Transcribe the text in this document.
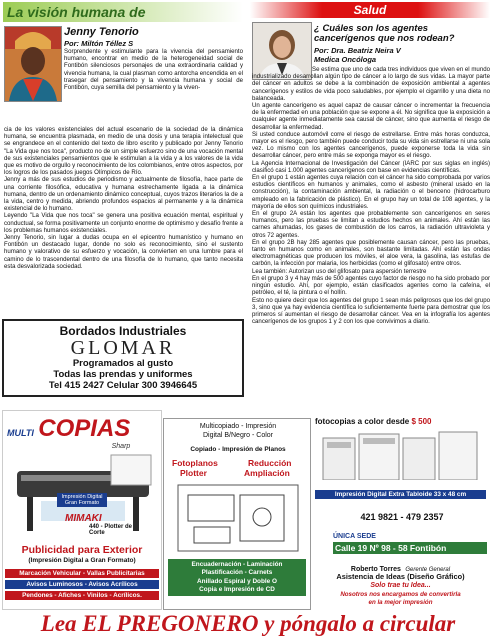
La visión humana de
Jenny Tenorio
Por: Miltón Téllez S

Sorprendente y estimulante para la vivencia del pensamiento humano, encontrar en medio de la heterogeneidad social de Fontibón silenciosos personajes de una extraordinaria calidad y vivencia humana, la cual plasman como antorcha encendida en el trasegar del pensamiento y la vivencia humana y social de Fontibón, cuya semilla del pensamiento y la viven-

cia de los valores existenciales del actual escenario de la sociedad de la dinámica humana, se encuentra plasmada, en medio de una dosis y una terapia intelectual que se engrandece en el contenido del texto de libro escrito y publicado por Jenny Tenorio "La Vida que nos toca", producto no de un simple esfuerzo sino de una vocación mental de sus existenciales pensamientos que le estimulan a la vida y a los valores de la vida que es motivo de orgullo y reconocimiento de los colombianos, entre otros aspectos, por los logros de los pasados juegos Olímpicos de Río.
Jenny a más de sus estudios de periodismo y actualmente de filosofía, hace parte de una corriente filosófica, educativa y humana estrechamente ligada a la dinámica humana, dentro de un ordenamiento dinámico conceptual, cuyos trazos literarios la de a la vida, centro y medida, abriendo profundos espacios al permanente y a la dinámica existencial de lo humano.
Leyendo "La Vida que nos toca" se genera una positiva ecuación mental, espiritual y conductual, se forma positivamente un conjunto enorme de optimismo y desafío frente a los problemas humanos existenciales.
Jenny Tenorio, sin lugar a dudas ocupa en el epicentro humanístico y humano en Fontibón un destacado lugar, donde no solo es reconocimiento, sino el sustento humano y valorativo de su esfuerzo y vocación, la convierten en una lumbre para el camino de lo trascendental dentro de una filosofía de lo humano, que tanto necesita esta desvalorizada sociedad.

Bordados Industriales
GLOMAR
Programados al gusto
Todas las prendas y uniformes
Tel 415 2427 Celular 300 3946645
Salud
¿ Cuáles son los agentes cancerígenos que nos rodean?
Por: Dra. Beatriz Neira V
Medica Oncóloga

Se estima que uno de cada tres individuos que viven en el mundo industrializado desarrollan algún tipo de cáncer a lo largo de sus vidas. La mayor parte del cáncer en adultos se debe a la combinación de exposición ambiental a agentes cancerígenos y estilos de vida poco saludables, por ejemplo el cigarrillo y una dieta no balanceada.
Un agente cancerígeno es aquel capaz de causar cáncer o incrementar la frecuencia de la enfermedad en una población que se expone a él. No significa que la exposición a cualquier agente inmediatamente sea causal de cáncer, sino que aumenta el riesgo de desarrollar la enfermedad.
Si usted conduce automóvil corre el riesgo de estrellarse. Entre más horas conduzca, mayor es el riesgo, pero también puede conducir toda su vida sin estrellarse ni una sola vez. Lo mismo con los agentes cancerígenos, puede exponerse toda la vida sin desarrollar cáncer, pero entre más se exponga mayor es el riesgo.
La Agencia Internacional de Investigación del Cáncer (IARC por sus siglas en inglés) clasificó casi 1.000 agentes cancerígenos con base en evidencias científicas.
En el grupo 1 están agentes cuya relación con el cáncer ha sido comprobada por varios estudios científicos en humanos y animales, como el asbesto (mineral usado en la construcción), la contaminación ambiental, la radiación o el benceno (hidrocarburo empleado en la fabricación de plástico). En el grupo hay un total de 108 agentes, y la mayoría de ellos son químicos industriales.
En el grupo 2A están los agentes que probablemente son cancerígenos en seres humanos, pero las pruebas se limitan a estudios hechos en animales. Ahí están las carnes ahumadas, los gases de combustión de los carros, la radiación ultravioleta y otros 72 agentes.
En el grupo 2B hay 285 agentes que posiblemente causan cáncer, pero las pruebas, tanto en humanos como en animales, son bastante limitadas. Ahí están las ondas electromagnéticas que producen los móviles, el aloe vera, la gasolina, las estufas de carbón, la infección por malaria, los herbicidas (como el glifosato) entre otros.
Lea también: Autorizan uso del glifosato para aspersión terrestre
En el grupo 3 y 4 hay más de 500 agentes cuyo factor de riesgo no ha sido probado por ningún estudio. Ahí, por ejemplo, están clasificados agentes como la cafeína, el petróleo, el té, la pintura o el hollín.
Esto no quiere decir que los agentes del grupo 1 sean más peligrosos que los del grupo 3, sino que ya hay evidencia científica lo suficientemente fuerte para demostrar que los primeros sí aumentan el riesgo de desarrollar cáncer. Vea en la infografía los agentes cancerígenos de los grupos 1 y 2 con los que convivimos a diario.

MULTI COPIAS
Sharp
Impresión Digital Gran Formato
MIMAKI
440 - Plotter de Corte
Publicidad para Exterior
(Impresión Digital a Gran Formato)
Marcación Vehicular - Vallas Publicitarias
Avisos Luminosos - Avisos Acrílicos
Pendones - Afiches - Vinilos - Acrílicos.
Multicopiado - Impresión
Digital B/Negro - Color
Copiado - Impresión de Planos
Fotoplanos
Plotter
Reducción
Ampliación
Encuadernación - Laminación
Plastificación - Carnets
Anillado Espiral y Doble O
Copia e Impresión de CD
fotocopias a color desde $ 500
Impresión Digital Extra Tabloide 33 x 48 cm
421 9821 - 479 2357
ÚNICA SEDE
Calle 19 Nº 98 - 58 Fontibón
Roberto Torres Gerente General
Asistencia de Ideas (Diseño Gráfico)
Solo trae tu Idea...
Nosotros nos encargamos de convertirla
en la mejor impresión
Lea EL PREGONERO y póngalo a circular
